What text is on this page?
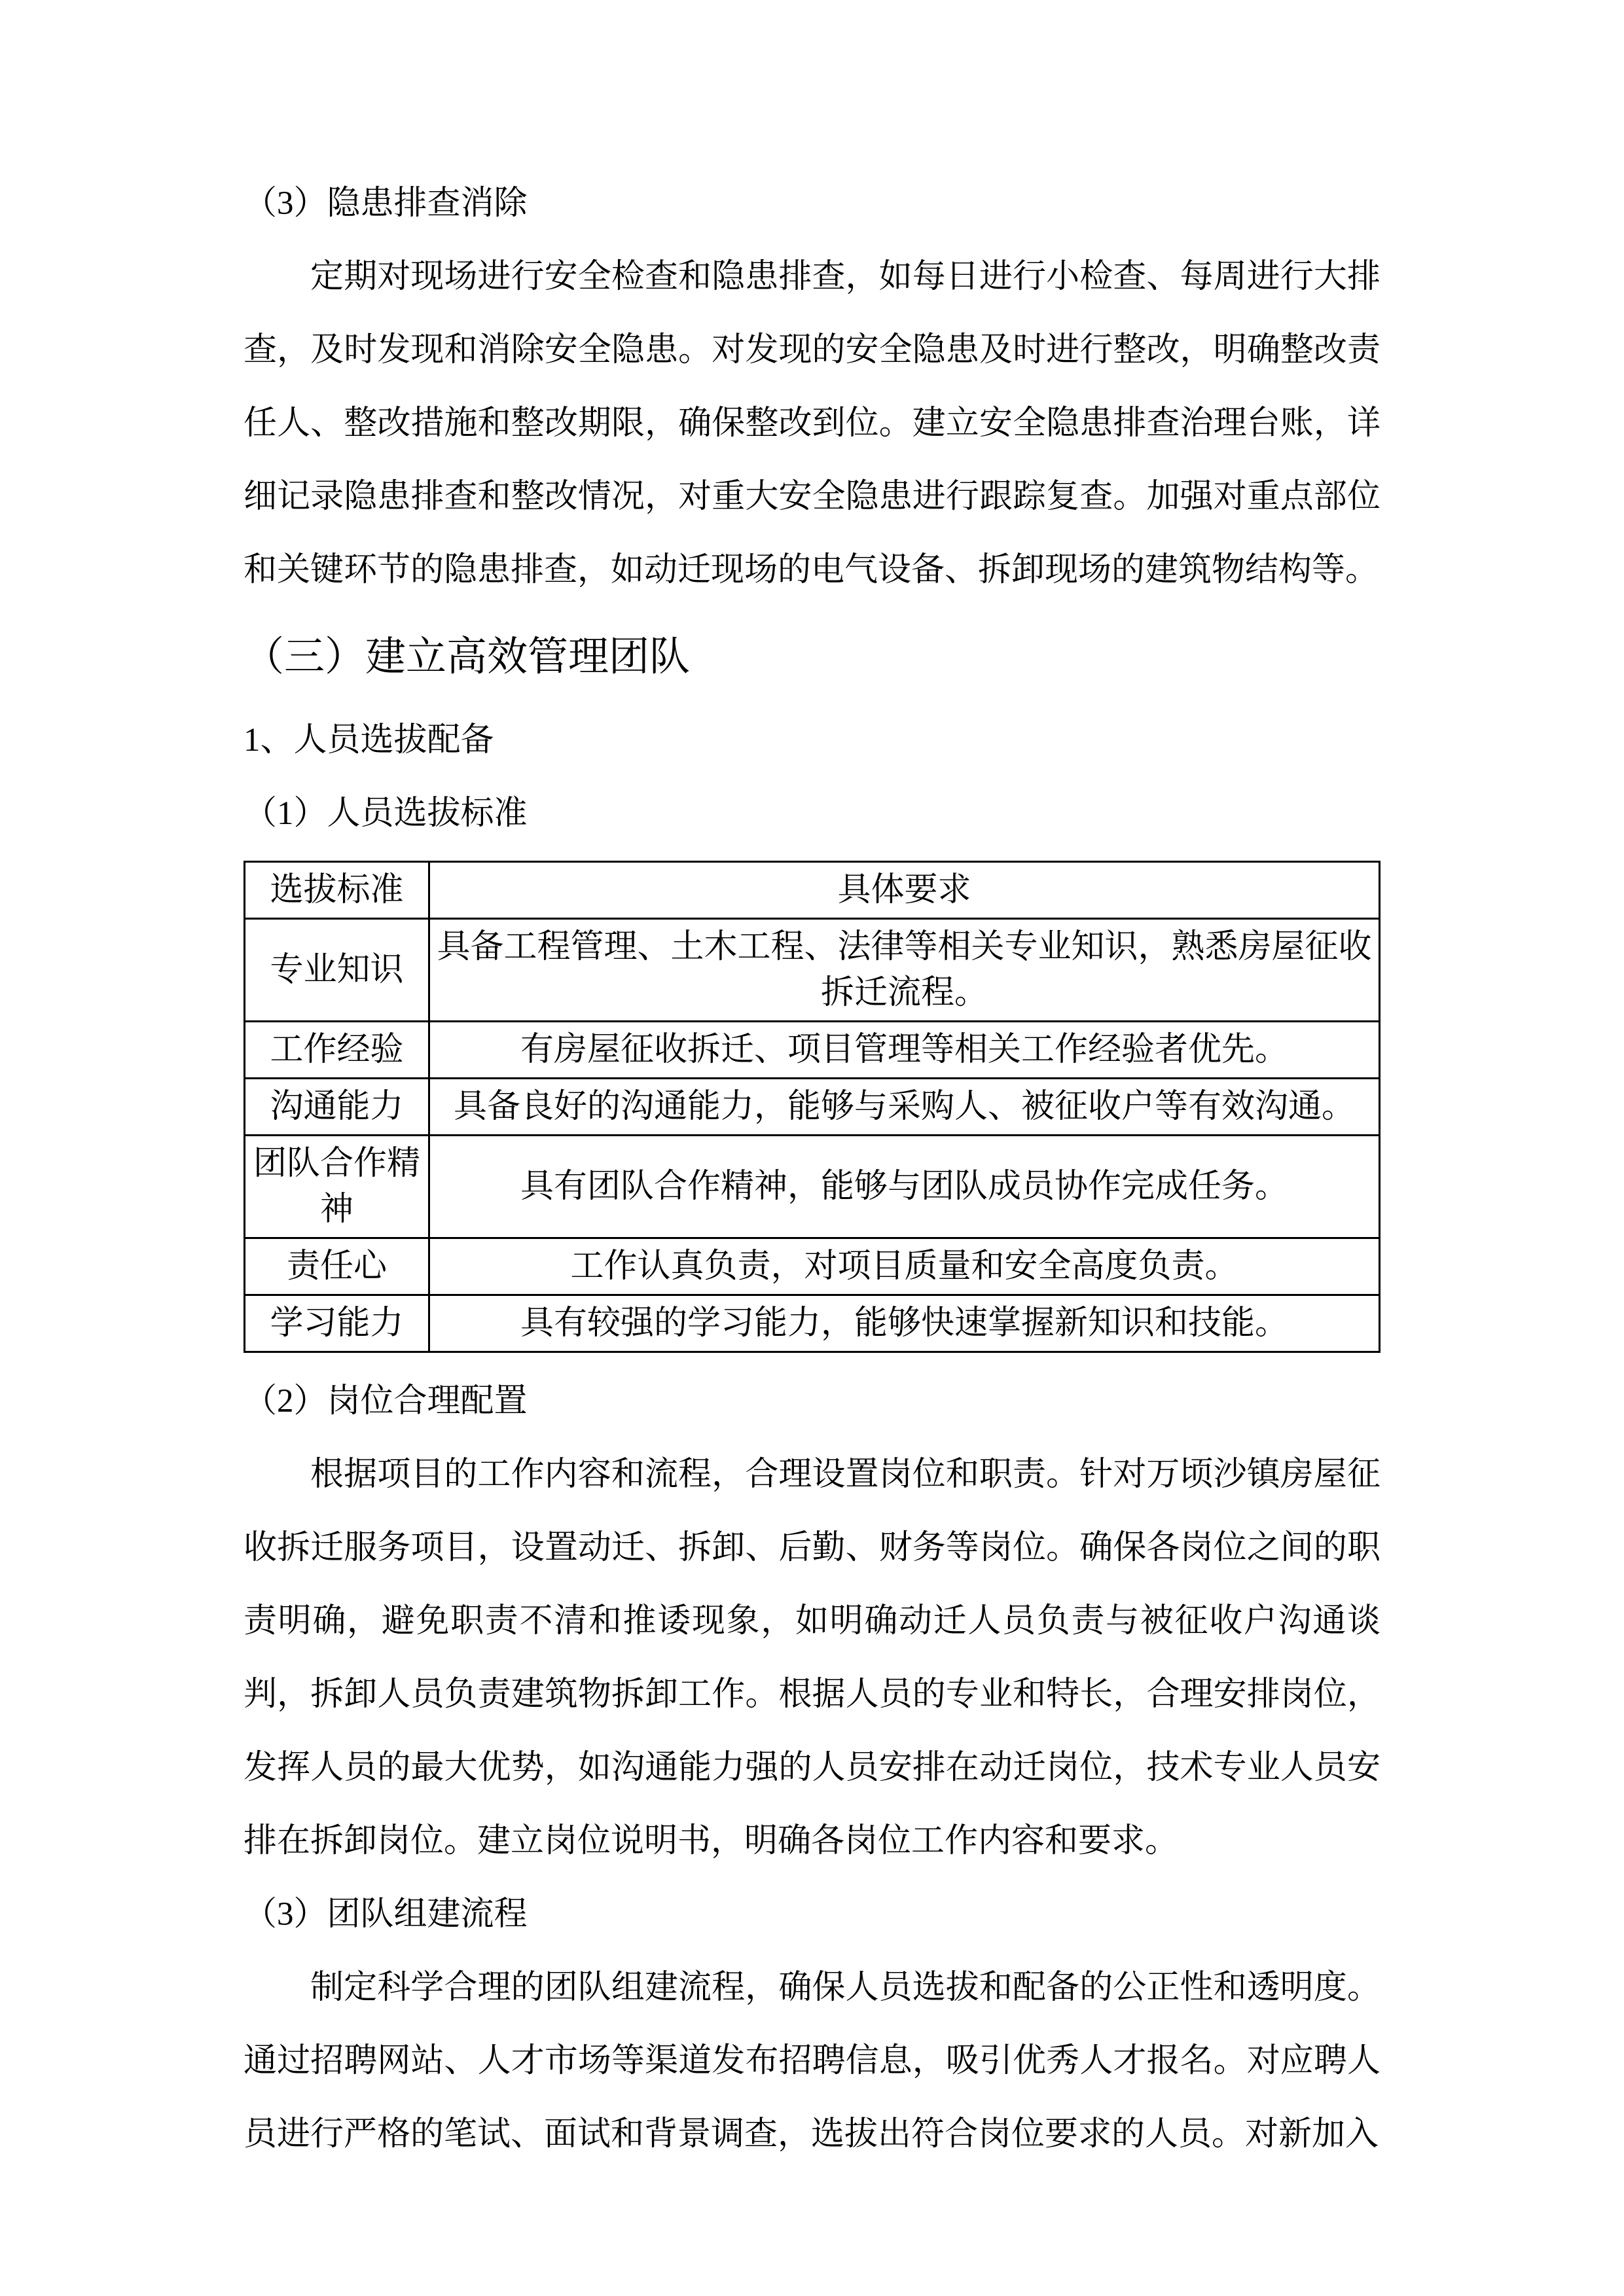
（3）隐患排查消除

定期对现场进行安全检查和隐患排查，如每日进行小检查、每周进行大排查，及时发现和消除安全隐患。对发现的安全隐患及时进行整改，明确整改责任人、整改措施和整改期限，确保整改到位。建立安全隐患排查治理台账，详细记录隐患排查和整改情况，对重大安全隐患进行跟踪复查。加强对重点部位和关键环节的隐患排查，如动迁现场的电气设备、拆卸现场的建筑物结构等。

（三）建立高效管理团队
1、人员选拔配备
（1）人员选拔标准
选拔标准	具体要求
专业知识	具备工程管理、土木工程、法律等相关专业知识，熟悉房屋征收拆迁流程。
工作经验	有房屋征收拆迁、项目管理等相关工作经验者优先。
沟通能力	具备良好的沟通能力，能够与采购人、被征收户等有效沟通。
团队合作精神	具有团队合作精神，能够与团队成员协作完成任务。
责任心	工作认真负责，对项目质量和安全高度负责。
学习能力	具有较强的学习能力，能够快速掌握新知识和技能。
（2）岗位合理配置

根据项目的工作内容和流程，合理设置岗位和职责。针对万顷沙镇房屋征收拆迁服务项目，设置动迁、拆卸、后勤、财务等岗位。确保各岗位之间的职责明确，避免职责不清和推诿现象，如明确动迁人员负责与被征收户沟通谈判，拆卸人员负责建筑物拆卸工作。根据人员的专业和特长，合理安排岗位，发挥人员的最大优势，如沟通能力强的人员安排在动迁岗位，技术专业人员安排在拆卸岗位。建立岗位说明书，明确各岗位工作内容和要求。

（3）团队组建流程

制定科学合理的团队组建流程，确保人员选拔和配备的公正性和透明度。通过招聘网站、人才市场等渠道发布招聘信息，吸引优秀人才报名。对应聘人员进行严格的笔试、面试和背景调查，选拔出符合岗位要求的人员。对新加入
